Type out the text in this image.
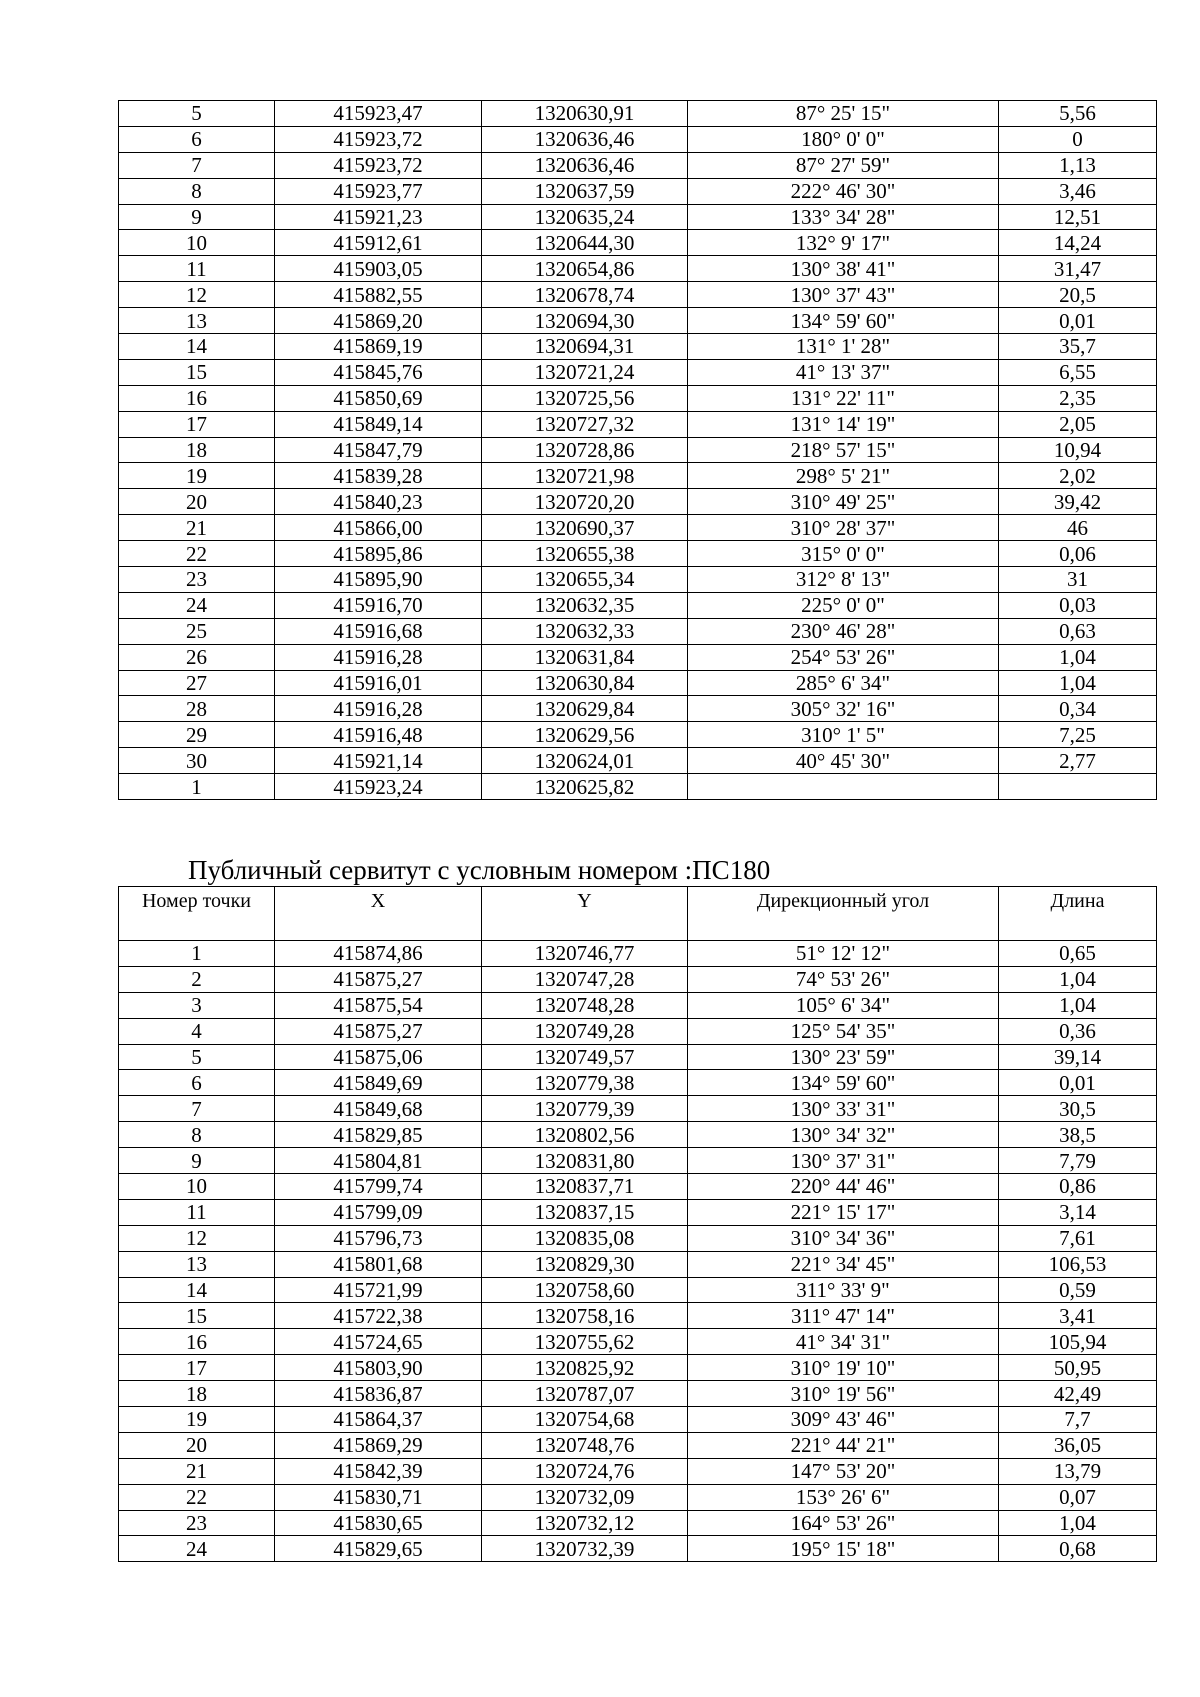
5	415923,47	1320630,91	87° 25' 15"	5,56
6	415923,72	1320636,46	180° 0' 0"	0
7	415923,72	1320636,46	87° 27' 59"	1,13
8	415923,77	1320637,59	222° 46' 30"	3,46
9	415921,23	1320635,24	133° 34' 28"	12,51
10	415912,61	1320644,30	132° 9' 17"	14,24
11	415903,05	1320654,86	130° 38' 41"	31,47
12	415882,55	1320678,74	130° 37' 43"	20,5
13	415869,20	1320694,30	134° 59' 60"	0,01
14	415869,19	1320694,31	131° 1' 28"	35,7
15	415845,76	1320721,24	41° 13' 37"	6,55
16	415850,69	1320725,56	131° 22' 11"	2,35
17	415849,14	1320727,32	131° 14' 19"	2,05
18	415847,79	1320728,86	218° 57' 15"	10,94
19	415839,28	1320721,98	298° 5' 21"	2,02
20	415840,23	1320720,20	310° 49' 25"	39,42
21	415866,00	1320690,37	310° 28' 37"	46
22	415895,86	1320655,38	315° 0' 0"	0,06
23	415895,90	1320655,34	312° 8' 13"	31
24	415916,70	1320632,35	225° 0' 0"	0,03
25	415916,68	1320632,33	230° 46' 28"	0,63
26	415916,28	1320631,84	254° 53' 26"	1,04
27	415916,01	1320630,84	285° 6' 34"	1,04
28	415916,28	1320629,84	305° 32' 16"	0,34
29	415916,48	1320629,56	310° 1' 5"	7,25
30	415921,14	1320624,01	40° 45' 30"	2,77
1	415923,24	1320625,82		
Публичный сервитут с условным номером :ПС180
Номер точки	X	Y	Дирекционный угол	Длина
1	415874,86	1320746,77	51° 12' 12"	0,65
2	415875,27	1320747,28	74° 53' 26"	1,04
3	415875,54	1320748,28	105° 6' 34"	1,04
4	415875,27	1320749,28	125° 54' 35"	0,36
5	415875,06	1320749,57	130° 23' 59"	39,14
6	415849,69	1320779,38	134° 59' 60"	0,01
7	415849,68	1320779,39	130° 33' 31"	30,5
8	415829,85	1320802,56	130° 34' 32"	38,5
9	415804,81	1320831,80	130° 37' 31"	7,79
10	415799,74	1320837,71	220° 44' 46"	0,86
11	415799,09	1320837,15	221° 15' 17"	3,14
12	415796,73	1320835,08	310° 34' 36"	7,61
13	415801,68	1320829,30	221° 34' 45"	106,53
14	415721,99	1320758,60	311° 33' 9"	0,59
15	415722,38	1320758,16	311° 47' 14"	3,41
16	415724,65	1320755,62	41° 34' 31"	105,94
17	415803,90	1320825,92	310° 19' 10"	50,95
18	415836,87	1320787,07	310° 19' 56"	42,49
19	415864,37	1320754,68	309° 43' 46"	7,7
20	415869,29	1320748,76	221° 44' 21"	36,05
21	415842,39	1320724,76	147° 53' 20"	13,79
22	415830,71	1320732,09	153° 26' 6"	0,07
23	415830,65	1320732,12	164° 53' 26"	1,04
24	415829,65	1320732,39	195° 15' 18"	0,68
